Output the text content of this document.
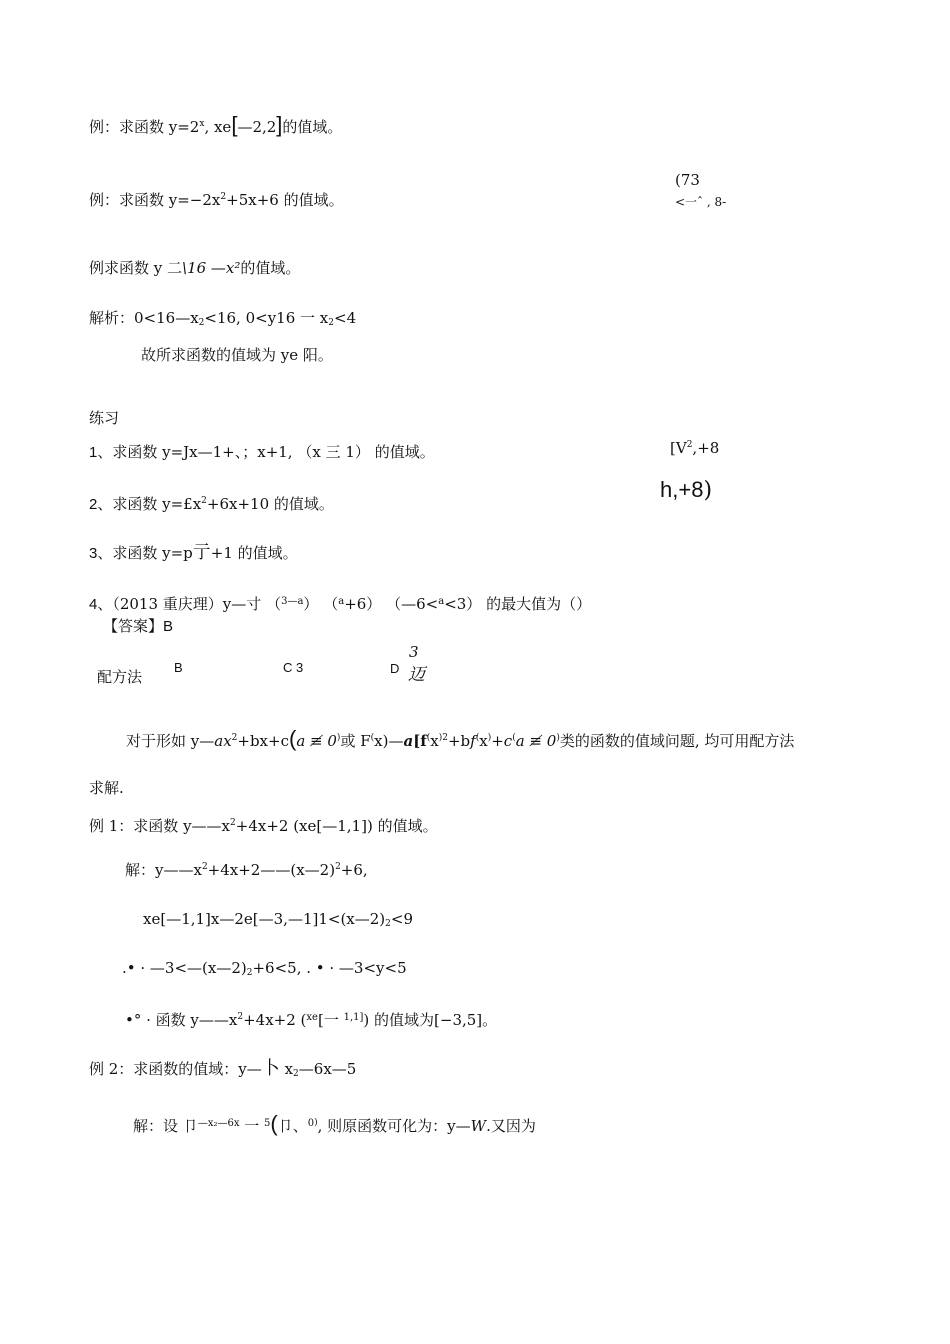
例：求函数 $y=2^x$, xe[—2,2]的值域。
例：求函数 $y=-2x^2+5x+6$ 的值域。
(73
<一ˆ , 8-
例求函数 y 二\16 —x²的值域。
解析：$0<16—x_2<16$, 0<y16 一 $x_2<4$
故所求函数的值域为 ye 阳。
练习
1、求函数 y=Jx—1+、；x+1, （x 三 1） 的值域。	[$V^2,+8$
2、求函数 $y=£x^2+6x+10$ 的值域。
h,+8)
3、求函数 y=p亍+1 的值域。
4、（2013 重庆理）y—寸 （$^{3—a}$） （$^a$+6） （—6<$^a$<3） 的最大值为（）
【答案】B
配方法
B	C 3	D
3
迈
对于形如 $y—ax^2+bx+c(a$ ≢ 0)或 $F^(x)—a[f^(x^{)2}+bf^(x^)+c^(a$ ≢ 0)类的函数的值域问题, 均可用配方法
求解.
例 1：求函数 $y——x^2+4x+2$ (xe[—1,1]) 的值域。
解：$y——x^2+4x+2——(x—2)^2+6$,
$xe[—1,1]x—2e[—3,—1]1<(x—2)_2<9$
.• · $—3<—(x—2)_2+6<5$, . • · —3<y<5
•° · 函数 $y——x^2+4x+2$ ($^{xe}$[一 $^{1,1]}$) 的值域为[−3,5]。
例 2：求函数的值域：y—卜 $x_2—6x—5$
解：设 卩$^{—x_2—6x}$ 一 $^5$(卩、$^{0)}$, 则原函数可化为：y—W.又因为
